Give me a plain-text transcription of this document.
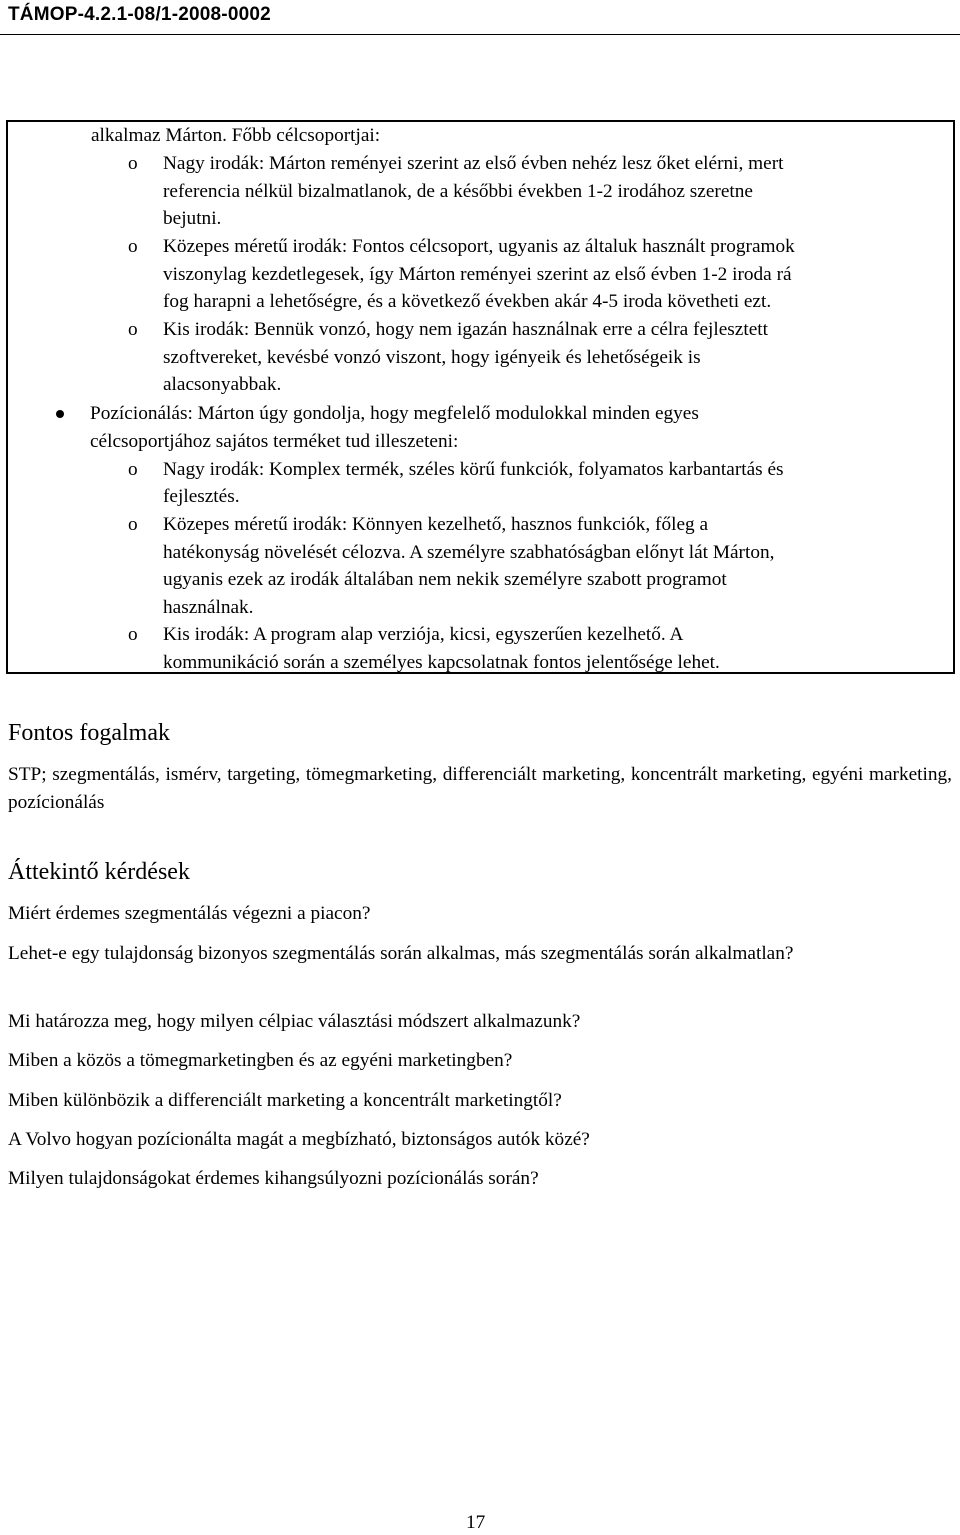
TÁMOP-4.2.1-08/1-2008-0002
alkalmaz Márton. Főbb célcsoportjai:
o Nagy irodák: Márton reményei szerint az első évben nehéz lesz őket elérni, mert
referencia nélkül bizalmatlanok, de a későbbi években 1-2 irodához szeretne
bejutni.
o Közepes méretű irodák: Fontos célcsoport, ugyanis az általuk használt programok
viszonylag kezdetlegesek, így Márton reményei szerint az első évben 1-2 iroda rá
fog harapni a lehetőségre, és a következő években akár 4-5 iroda követheti ezt.
o Kis irodák: Bennük vonzó, hogy nem igazán használnak erre a célra fejlesztett
szoftvereket, kevésbé vonzó viszont, hogy igényeik és lehetőségeik is
alacsonyabbak.
Pozícionálás: Márton úgy gondolja, hogy megfelelő modulokkal minden egyes
célcsoportjához sajátos terméket tud illeszeteni:
o Nagy irodák: Komplex termék, széles körű funkciók, folyamatos karbantartás és
fejlesztés.
o Közepes méretű irodák: Könnyen kezelhető, hasznos funkciók, főleg a
hatékonyság növelését célozva. A személyre szabhatóságban előnyt lát Márton,
ugyanis ezek az irodák általában nem nekik személyre szabott programot
használnak.
o Kis irodák: A program alap verziója, kicsi, egyszerűen kezelhető. A
kommunikáció során a személyes kapcsolatnak fontos jelentősége lehet.
Fontos fogalmak
STP; szegmentálás, ismérv, targeting, tömegmarketing, differenciált marketing, koncentrált marketing, egyéni marketing, pozícionálás
Áttekintő kérdések
Miért érdemes szegmentálás végezni a piacon?
Lehet-e egy tulajdonság bizonyos szegmentálás során alkalmas, más szegmentálás során alkalmatlan?
Mi határozza meg, hogy milyen célpiac választási módszert alkalmazunk?
Miben a közös a tömegmarketingben és az egyéni marketingben?
Miben különbözik a differenciált marketing a koncentrált marketingtől?
A Volvo hogyan pozícionálta magát a megbízható, biztonságos autók közé?
Milyen tulajdonságokat érdemes kihangsúlyozni pozícionálás során?
17
